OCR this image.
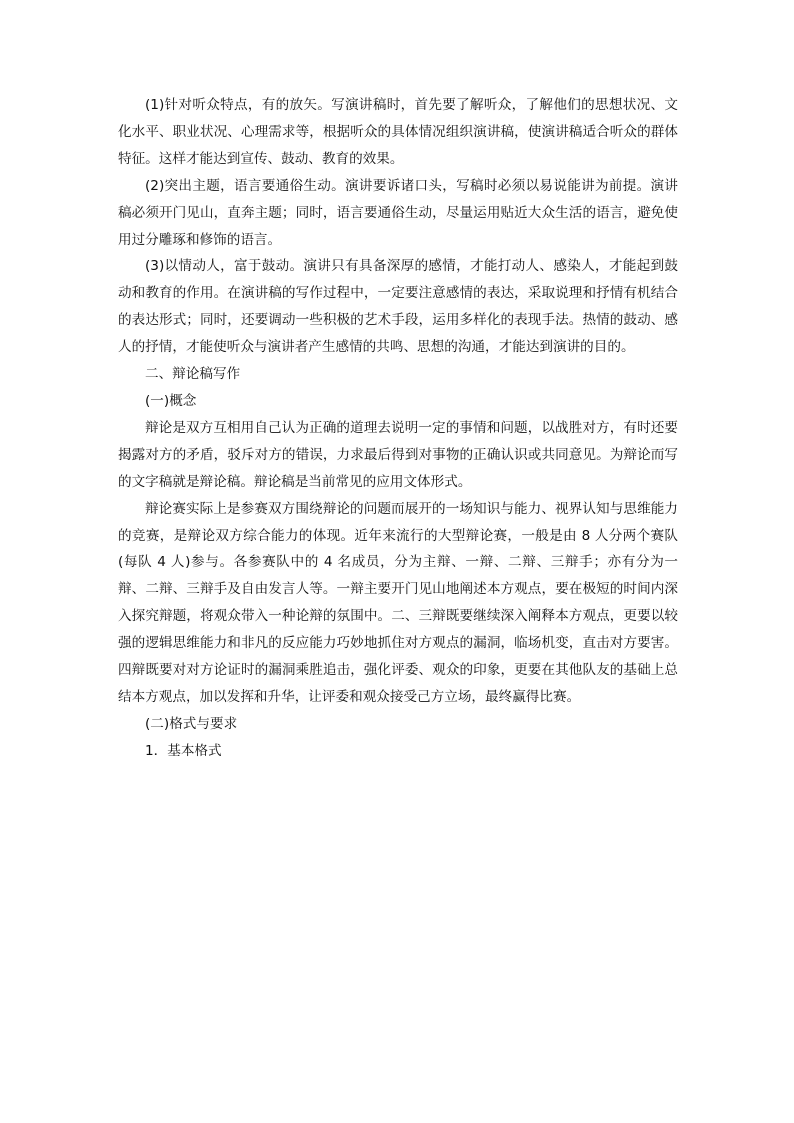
(1)针对听众特点，有的放矢。写演讲稿时，首先要了解听众，了解他们的思想状况、文化水平、职业状况、心理需求等，根据听众的具体情况组织演讲稿，使演讲稿适合听众的群体特征。这样才能达到宣传、鼓动、教育的效果。

(2)突出主题，语言要通俗生动。演讲要诉诸口头，写稿时必须以易说能讲为前提。演讲稿必须开门见山，直奔主题；同时，语言要通俗生动，尽量运用贴近大众生活的语言，避免使用过分雕琢和修饰的语言。

(3)以情动人，富于鼓动。演讲只有具备深厚的感情，才能打动人、感染人，才能起到鼓动和教育的作用。在演讲稿的写作过程中，一定要注意感情的表达，采取说理和抒情有机结合的表达形式；同时，还要调动一些积极的艺术手段，运用多样化的表现手法。热情的鼓动、感人的抒情，才能使听众与演讲者产生感情的共鸣、思想的沟通，才能达到演讲的目的。

二、辩论稿写作

(一)概念

辩论是双方互相用自己认为正确的道理去说明一定的事情和问题，以战胜对方，有时还要揭露对方的矛盾，驳斥对方的错误，力求最后得到对事物的正确认识或共同意见。为辩论而写的文字稿就是辩论稿。辩论稿是当前常见的应用文体形式。

辩论赛实际上是参赛双方围绕辩论的问题而展开的一场知识与能力、视界认知与思维能力的竞赛，是辩论双方综合能力的体现。近年来流行的大型辩论赛，一般是由 8 人分两个赛队(每队 4 人)参与。各参赛队中的 4 名成员，分为主辩、一辩、二辩、三辩手；亦有分为一辩、二辩、三辩手及自由发言人等。一辩主要开门见山地阐述本方观点，要在极短的时间内深入探究辩题，将观众带入一种论辩的氛围中。二、三辩既要继续深入阐释本方观点，更要以较强的逻辑思维能力和非凡的反应能力巧妙地抓住对方观点的漏洞，临场机变，直击对方要害。四辩既要对对方论证时的漏洞乘胜追击，强化评委、观众的印象，更要在其他队友的基础上总结本方观点，加以发挥和升华，让评委和观众接受己方立场，最终赢得比赛。

(二)格式与要求

1．基本格式
